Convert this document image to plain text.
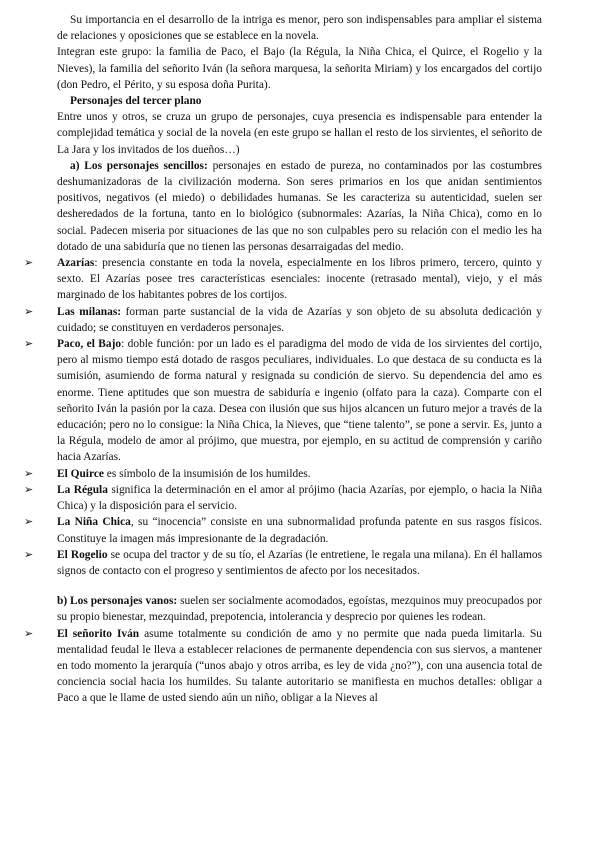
Su importancia en el desarrollo de la intriga es menor, pero son indispensables para ampliar el sistema de relaciones y oposiciones que se establece en la novela.

Integran este grupo: la familia de Paco, el Bajo (la Régula, la Niña Chica, el Quirce, el Rogelio y la Nieves), la familia del señorito Iván (la señora marquesa, la señorita Miriam) y los encargados del cortijo (don Pedro, el Périto, y su esposa doña Purita).

Personajes del tercer plano

Entre unos y otros, se cruza un grupo de personajes, cuya presencia es indispensable para entender la complejidad temática y social de la novela (en este grupo se hallan el resto de los sirvientes, el señorito de La Jara y los invitados de los dueños…)

a) Los personajes sencillos: personajes en estado de pureza, no contaminados por las costumbres deshumanizadoras de la civilización moderna. Son seres primarios en los que anidan sentimientos positivos, negativos (el miedo) o debilidades humanas. Se les caracteriza su autenticidad, suelen ser desheredados de la fortuna, tanto en lo biológico (subnormales: Azarías, la Niña Chica), como en lo social. Padecen miseria por situaciones de las que no son culpables pero su relación con el medio les ha dotado de una sabiduría que no tienen las personas desarraigadas del medio.

➢	Azarías: presencia constante en toda la novela, especialmente en los libros primero, tercero, quinto y sexto. El Azarías posee tres características esenciales: inocente (retrasado mental), viejo, y el más marginado de los habitantes pobres de los cortijos.
➢	Las milanas: forman parte sustancial de la vida de Azarías y son objeto de su absoluta dedicación y cuidado; se constituyen en verdaderos personajes.
➢	Paco, el Bajo: doble función: por un lado es el paradigma del modo de vida de los sirvientes del cortijo, pero al mismo tiempo está dotado de rasgos peculiares, individuales. Lo que destaca de su conducta es la sumisión, asumiendo de forma natural y resignada su condición de siervo. Su dependencia del amo es enorme. Tiene aptitudes que son muestra de sabiduría e ingenio (olfato para la caza). Comparte con el señorito Iván la pasión por la caza. Desea con ilusión que sus hijos alcancen un futuro mejor a través de la educación; pero no lo consigue: la Niña Chica, la Nieves, que “tiene talento”, se pone a servir. Es, junto a la Régula, modelo de amor al prójimo, que muestra, por ejemplo, en su actitud de comprensión y cariño hacia Azarías.
➢	El Quirce es símbolo de la insumisión de los humildes.
➢	La Régula significa la determinación en el amor al prójimo (hacia Azarías, por ejemplo, o hacia la Niña Chica) y la disposición para el servicio.
➢	La Niña Chica, su “inocencia” consiste en una subnormalidad profunda patente en sus rasgos físicos. Constituye la imagen más impresionante de la degradación.
➢	El Rogelio se ocupa del tractor y de su tío, el Azarías (le entretiene, le regala una milana). En él hallamos signos de contacto con el progreso y sentimientos de afecto por los necesitados.

b) Los personajes vanos: suelen ser socialmente acomodados, egoístas, mezquinos muy preocupados por su propio bienestar, mezquindad, prepotencia, intolerancia y desprecio por quienes les rodean.

➢	El señorito Iván asume totalmente su condición de amo y no permite que nada pueda limitarla. Su mentalidad feudal le lleva a establecer relaciones de permanente dependencia con sus siervos, a mantener en todo momento la jerarquía (“unos abajo y otros arriba, es ley de vida ¿no?”), con una ausencia total de conciencia social hacia los humildes. Su talante autoritario se manifiesta en muchos detalles: obligar a Paco a que le llame de usted siendo aún un niño, obligar a la Nieves al
